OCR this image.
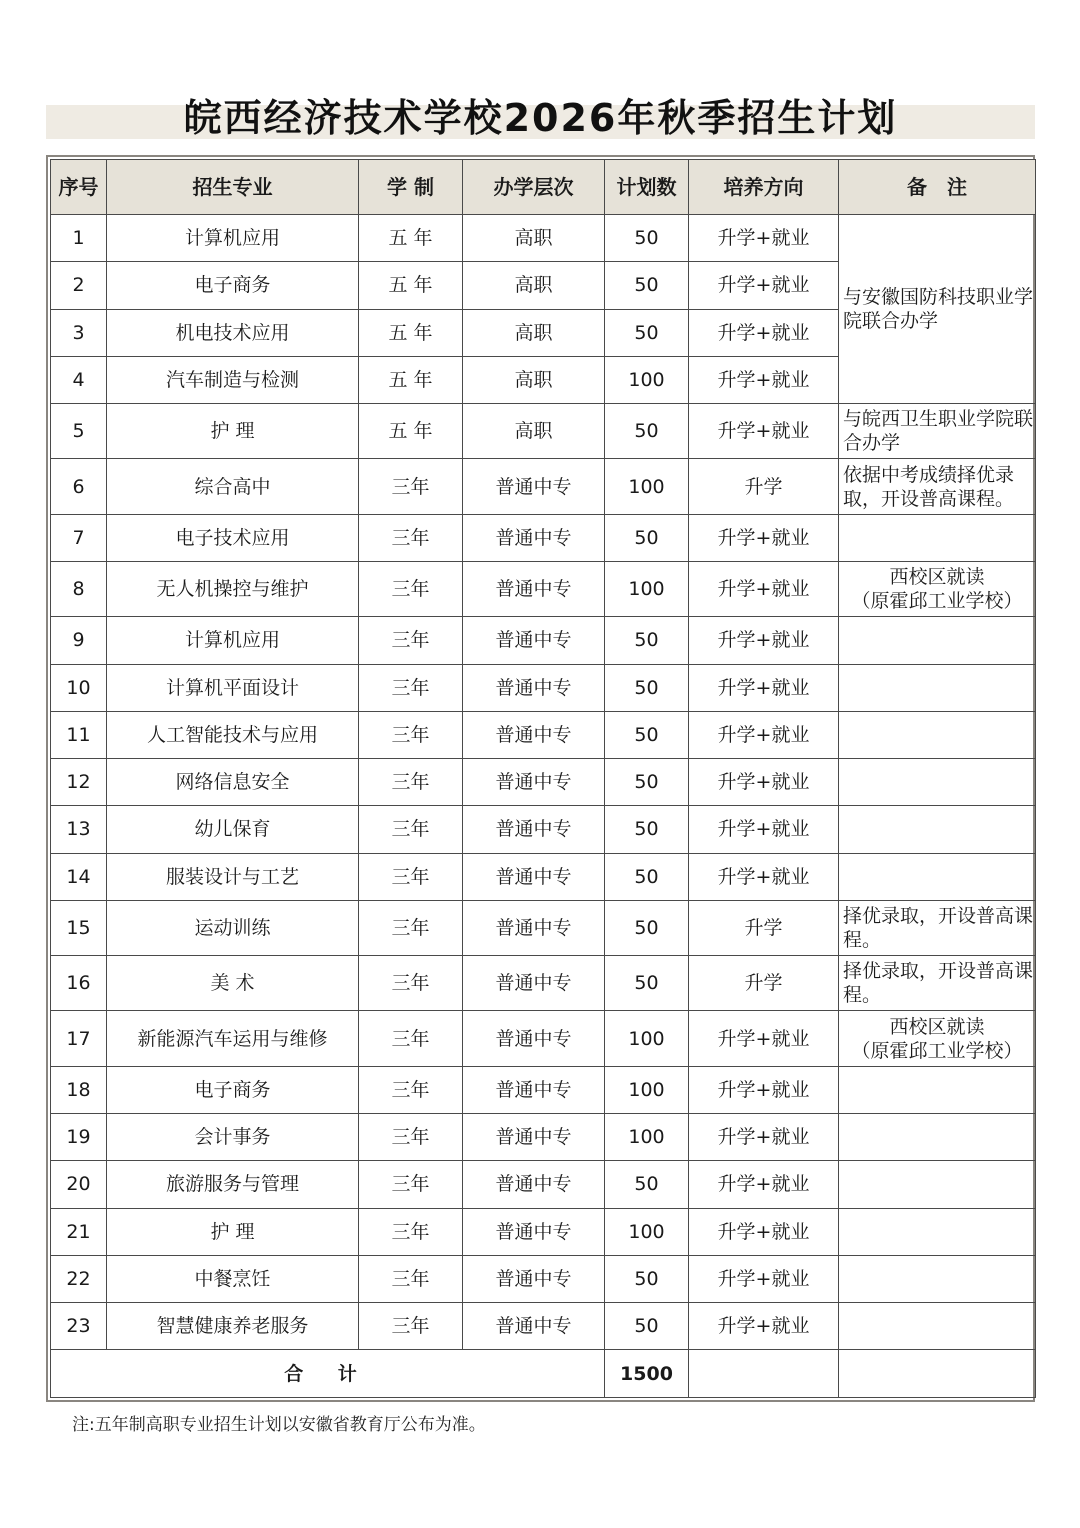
皖西经济技术学校2026年秋季招生计划
序号	招生专业	学 制	办学层次	计划数	培养方向	备　注
1	计算机应用	五 年	高职	50	升学+就业	与安徽国防科技职业学院联合办学
2	电子商务	五 年	高职	50	升学+就业	
3	机电技术应用	五 年	高职	50	升学+就业	
4	汽车制造与检测	五 年	高职	100	升学+就业	
5	护 理	五 年	高职	50	升学+就业	与皖西卫生职业学院联合办学
6	综合高中	三年	普通中专	100	升学	依据中考成绩择优录取，开设普高课程。
7	电子技术应用	三年	普通中专	50	升学+就业	
8	无人机操控与维护	三年	普通中专	100	升学+就业	西校区就读
（原霍邱工业学校）
9	计算机应用	三年	普通中专	50	升学+就业	
10	计算机平面设计	三年	普通中专	50	升学+就业	
11	人工智能技术与应用	三年	普通中专	50	升学+就业	
12	网络信息安全	三年	普通中专	50	升学+就业	
13	幼儿保育	三年	普通中专	50	升学+就业	
14	服装设计与工艺	三年	普通中专	50	升学+就业	
15	运动训练	三年	普通中专	50	升学	择优录取，开设普高课程。
16	美 术	三年	普通中专	50	升学	择优录取，开设普高课程。
17	新能源汽车运用与维修	三年	普通中专	100	升学+就业	西校区就读
（原霍邱工业学校）
18	电子商务	三年	普通中专	100	升学+就业	
19	会计事务	三年	普通中专	100	升学+就业	
20	旅游服务与管理	三年	普通中专	50	升学+就业	
21	护 理	三年	普通中专	100	升学+就业	
22	中餐烹饪	三年	普通中专	50	升学+就业	
23	智慧健康养老服务	三年	普通中专	50	升学+就业	
合 计				1500		
注:五年制高职专业招生计划以安徽省教育厅公布为准。
